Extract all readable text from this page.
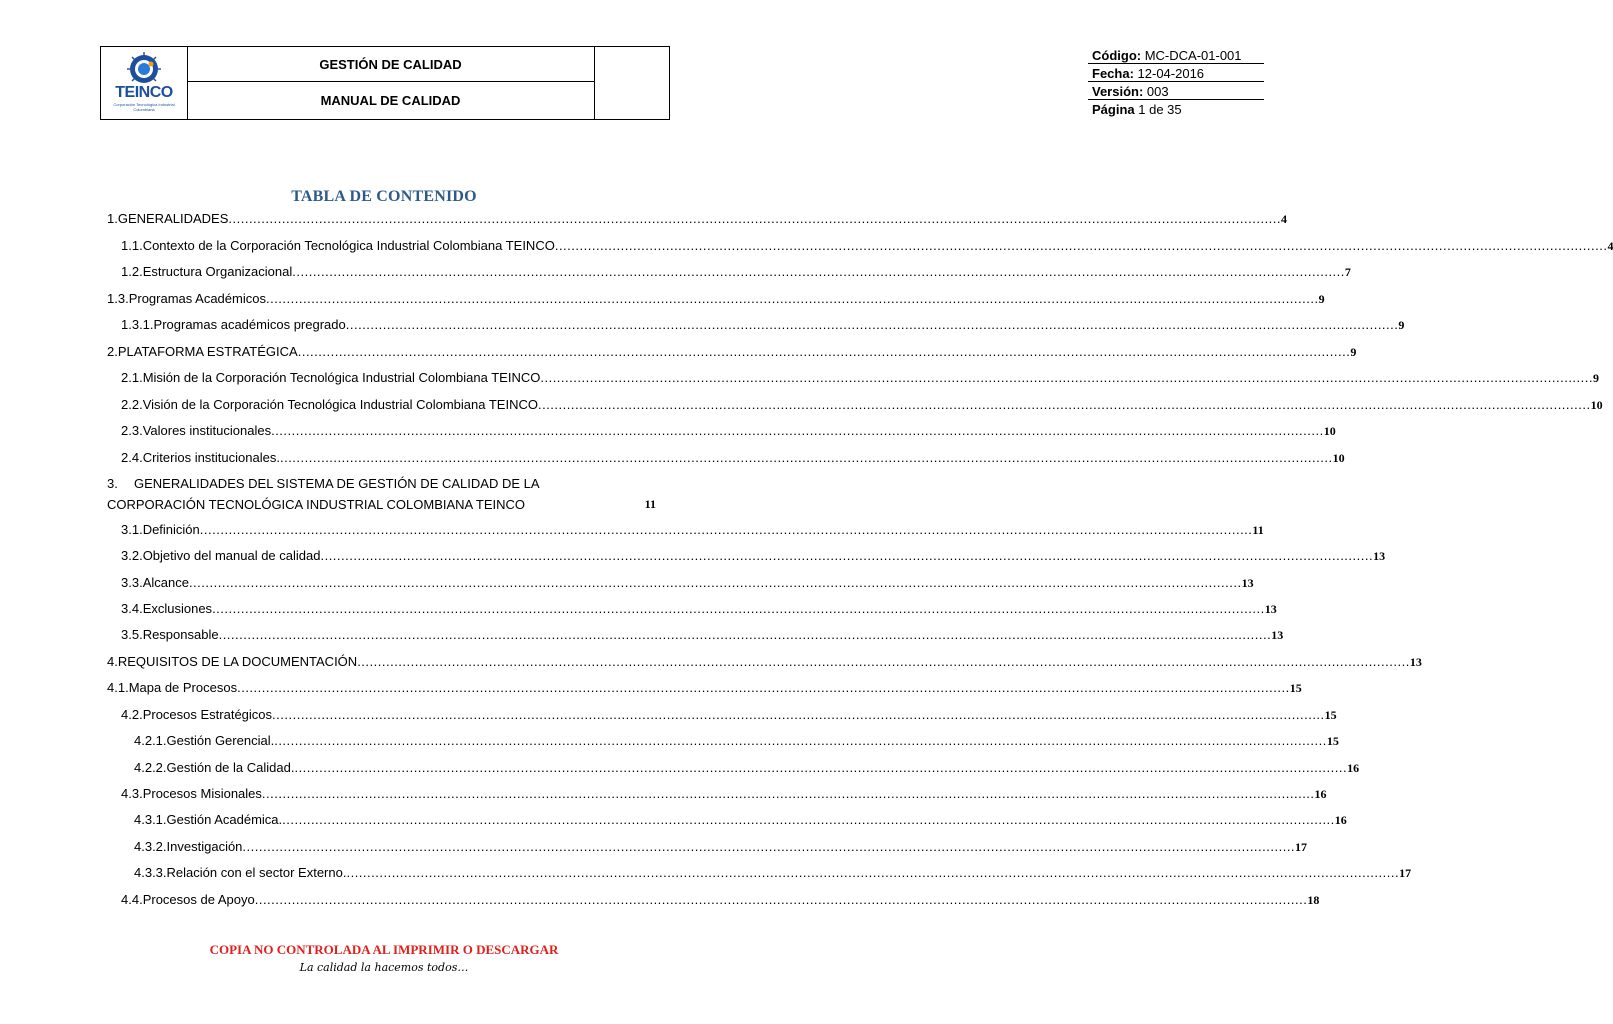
TEINCO
Corporación Tecnológica Industrial Colombiana
GESTIÓN DE CALIDAD
MANUAL DE CALIDAD
Código: MC-DCA-01-001
Fecha: 12-04-2016
Versión: 003
Página 1 de 35
TABLA DE CONTENIDO
1. GENERALIDADES .....	4
1.1. Contexto de la Corporación Tecnológica Industrial Colombiana TEINCO .....	4
1.2. Estructura Organizacional .....	7
1.3. Programas Académicos .....	9
1.3.1. Programas académicos pregrado .....	9
2. PLATAFORMA ESTRATÉGICA .....	9
2.1. Misión de la Corporación Tecnológica Industrial Colombiana TEINCO .....	9
2.2. Visión de la Corporación Tecnológica Industrial Colombiana TEINCO .....	10
2.3. Valores institucionales .....	10
2.4. Criterios institucionales. .....	10
3. GENERALIDADES DEL SISTEMA DE GESTIÓN DE CALIDAD DE LA
CORPORACIÓN TECNOLÓGICA INDUSTRIAL COLOMBIANA TEINCO	11
3.1. Definición .....	11
3.2. Objetivo del manual de calidad .....	13
3.3. Alcance .....	13
3.4. Exclusiones .....	13
3.5. Responsable .....	13
4. REQUISITOS DE LA DOCUMENTACIÓN .....	13
4.1. Mapa de Procesos .....	15
4.2. Procesos Estratégicos .....	15
4.2.1. Gestión Gerencial. .....	15
4.2.2. Gestión de la Calidad. .....	16
4.3. Procesos Misionales .....	16
4.3.1. Gestión Académica. .....	16
4.3.2. Investigación .....	17
4.3.3. Relación con el sector Externo. .....	17
4.4. Procesos de Apoyo .....	18
COPIA NO CONTROLADA AL IMPRIMIR O DESCARGAR
La calidad la hacemos todos…
